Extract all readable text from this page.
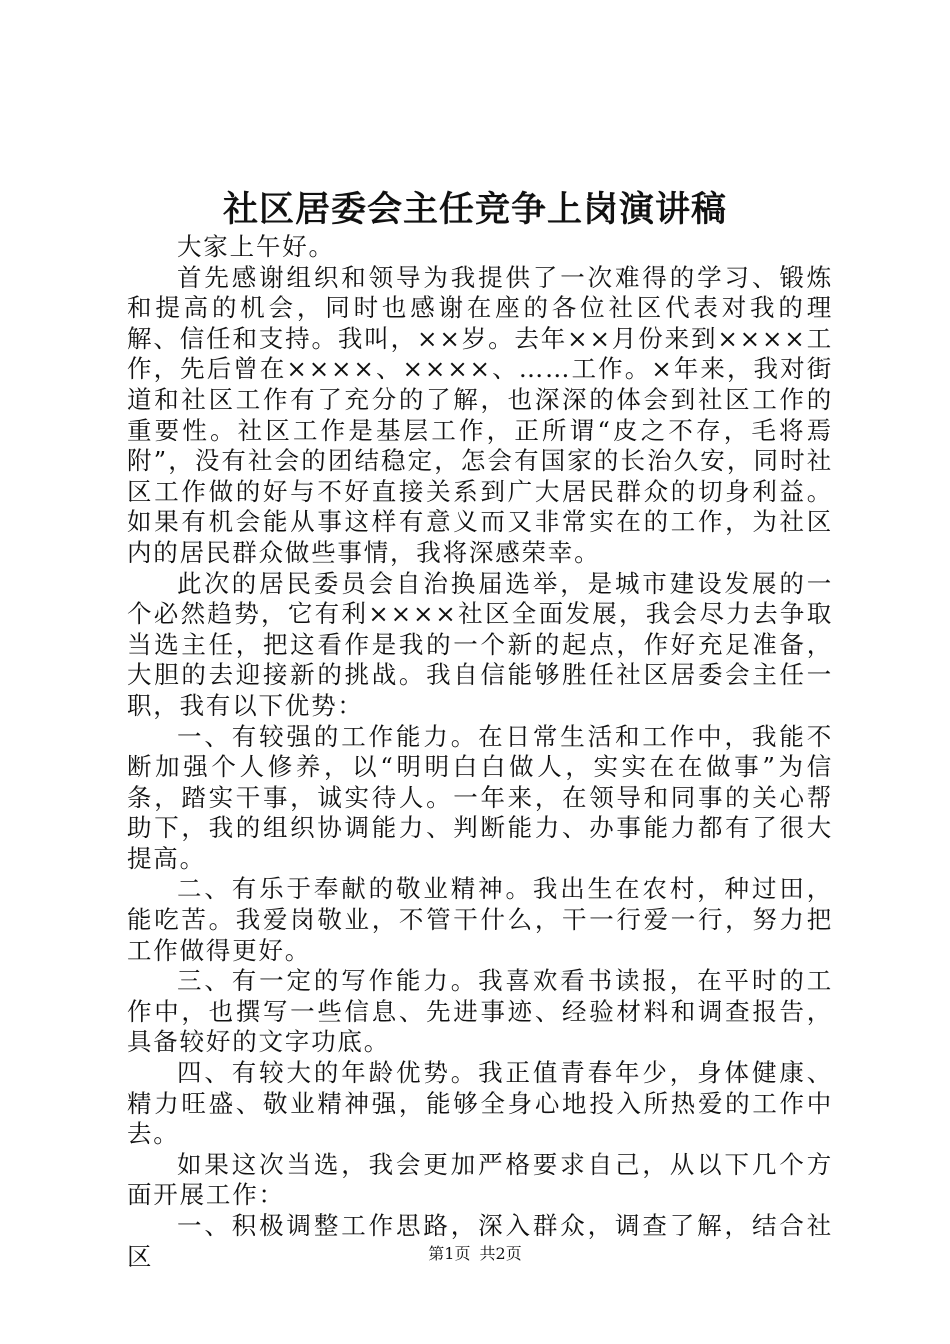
社区居委会主任竞争上岗演讲稿

大家上午好。

首先感谢组织和领导为我提供了一次难得的学习、锻炼和提高的机会，同时也感谢在座的各位社区代表对我的理解、信任和支持。我叫，××岁。去年××月份来到××××工作，先后曾在××××、××××、……工作。×年来，我对街道和社区工作有了充分的了解，也深深的体会到社区工作的重要性。社区工作是基层工作，正所谓“皮之不存，毛将焉附”，没有社会的团结稳定，怎会有国家的长治久安，同时社区工作做的好与不好直接关系到广大居民群众的切身利益。如果有机会能从事这样有意义而又非常实在的工作，为社区内的居民群众做些事情，我将深感荣幸。

此次的居民委员会自治换届选举，是城市建设发展的一个必然趋势，它有利××××社区全面发展，我会尽力去争取当选主任，把这看作是我的一个新的起点，作好充足准备，大胆的去迎接新的挑战。我自信能够胜任社区居委会主任一职，我有以下优势：

一、有较强的工作能力。在日常生活和工作中，我能不断加强个人修养，以“明明白白做人，实实在在做事”为信条，踏实干事，诚实待人。一年来，在领导和同事的关心帮助下，我的组织协调能力、判断能力、办事能力都有了很大提高。

二、有乐于奉献的敬业精神。我出生在农村，种过田，能吃苦。我爱岗敬业，不管干什么，干一行爱一行，努力把工作做得更好。

三、有一定的写作能力。我喜欢看书读报，在平时的工作中，也撰写一些信息、先进事迹、经验材料和调查报告，具备较好的文字功底。

四、有较大的年龄优势。我正值青春年少，身体健康、精力旺盛、敬业精神强，能够全身心地投入所热爱的工作中去。

如果这次当选，我会更加严格要求自己，从以下几个方面开展工作：

一、积极调整工作思路，深入群众，调查了解，结合社区	第1页 共2页
